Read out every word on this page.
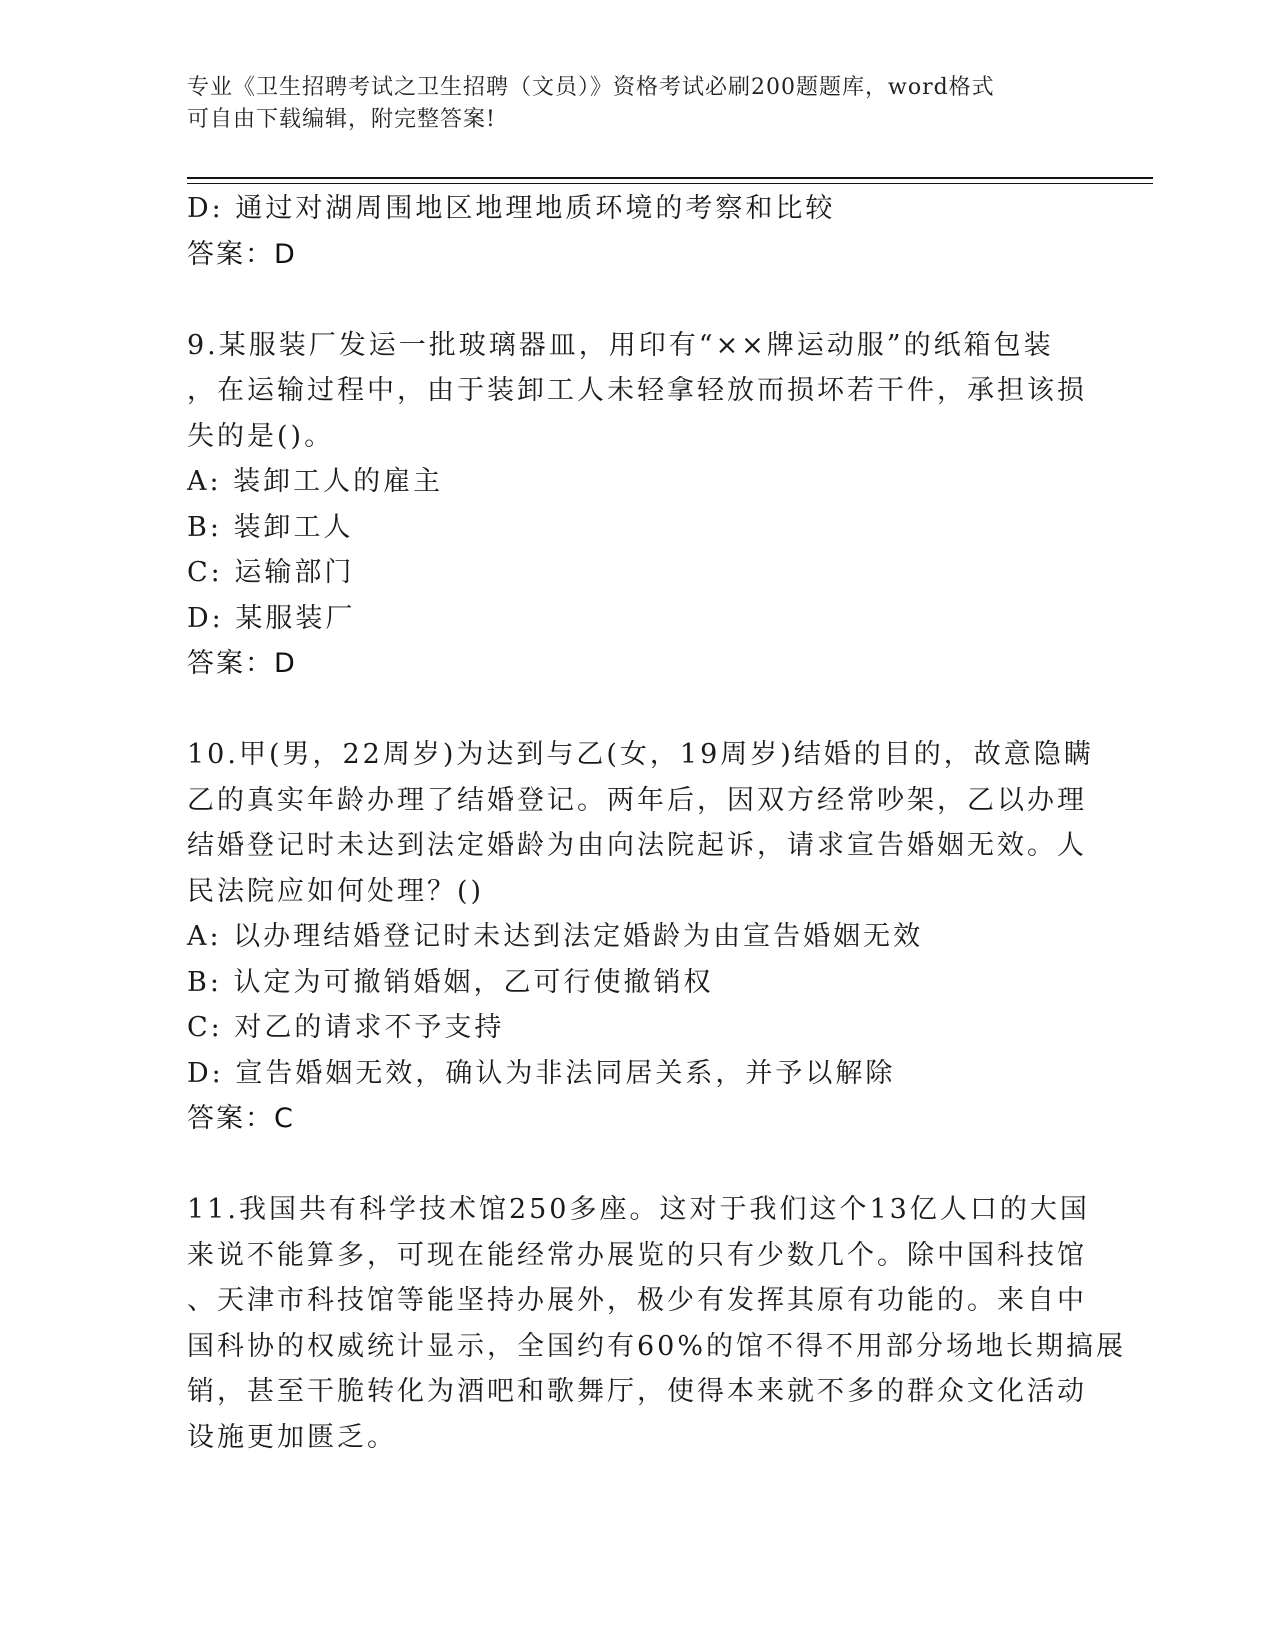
专业《卫生招聘考试之卫生招聘（文员）》资格考试必刷200题题库，word格式
可自由下载编辑，附完整答案!
D: 通过对湖周围地区地理地质环境的考察和比较
答案：D
9.某服装厂发运一批玻璃器皿，用印有“××牌运动服”的纸箱包装
，在运输过程中，由于装卸工人未轻拿轻放而损坏若干件，承担该损
失的是()。
A: 装卸工人的雇主
B: 装卸工人
C: 运输部门
D: 某服装厂
答案：D
10.甲(男，22周岁)为达到与乙(女，19周岁)结婚的目的，故意隐瞒
乙的真实年龄办理了结婚登记。两年后，因双方经常吵架，乙以办理
结婚登记时未达到法定婚龄为由向法院起诉，请求宣告婚姻无效。人
民法院应如何处理？()
A: 以办理结婚登记时未达到法定婚龄为由宣告婚姻无效
B: 认定为可撤销婚姻，乙可行使撤销权
C: 对乙的请求不予支持
D: 宣告婚姻无效，确认为非法同居关系，并予以解除
答案：C
11.我国共有科学技术馆250多座。这对于我们这个13亿人口的大国
来说不能算多，可现在能经常办展览的只有少数几个。除中国科技馆
、天津市科技馆等能坚持办展外，极少有发挥其原有功能的。来自中
国科协的权威统计显示，全国约有60%的馆不得不用部分场地长期搞展
销，甚至干脆转化为酒吧和歌舞厅，使得本来就不多的群众文化活动
设施更加匮乏。
